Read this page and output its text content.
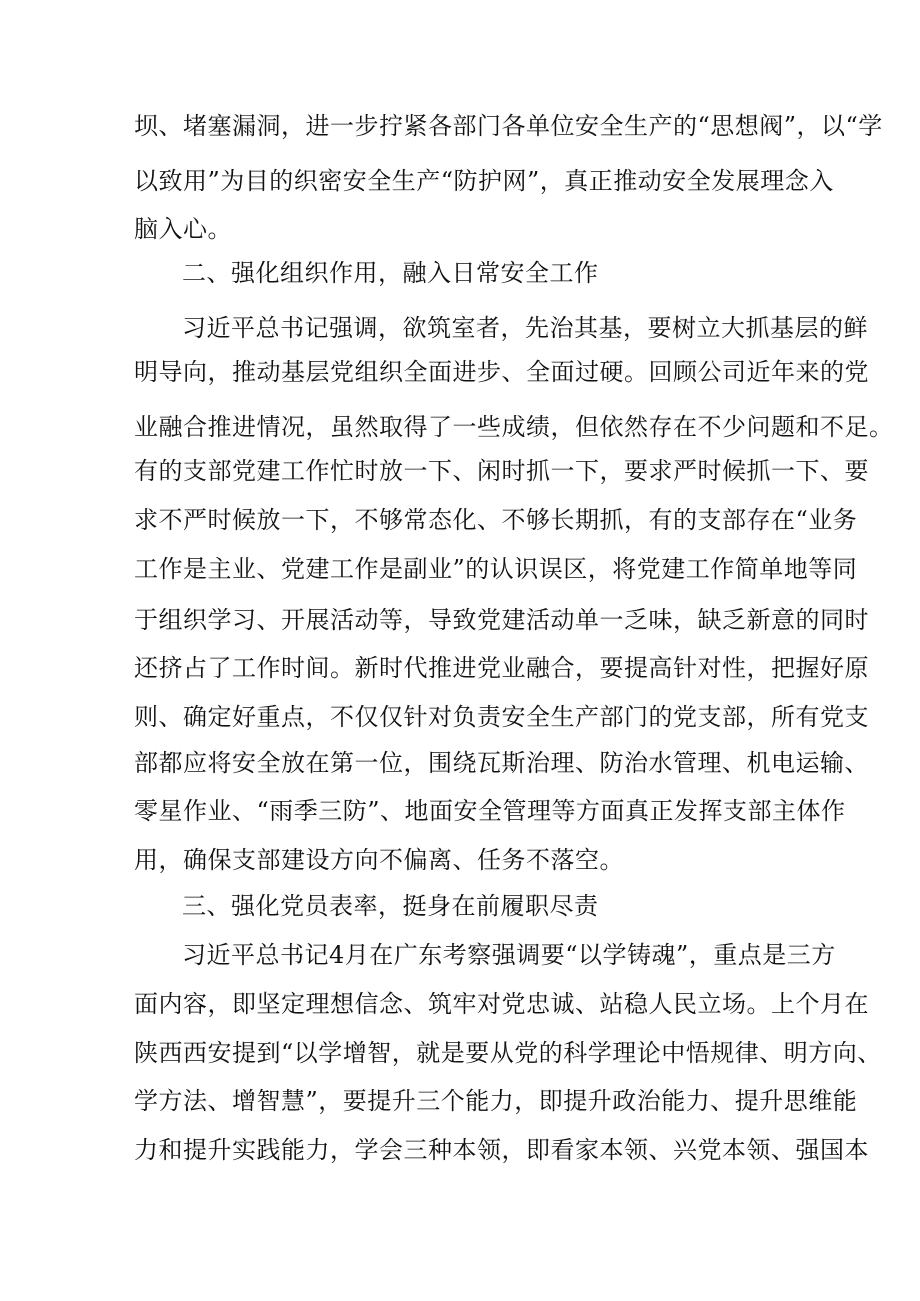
坝、堵塞漏洞，进一步拧紧各部门各单位安全生产的“思想阀”，以“学
以致用”为目的织密安全生产“防护网”，真正推动安全发展理念入
脑入心。
二、强化组织作用，融入日常安全工作
习近平总书记强调，欲筑室者，先治其基，要树立大抓基层的鲜
明导向，推动基层党组织全面进步、全面过硬。回顾公司近年来的党
业融合推进情况，虽然取得了一些成绩，但依然存在不少问题和不足。
有的支部党建工作忙时放一下、闲时抓一下，要求严时候抓一下、要
求不严时候放一下，不够常态化、不够长期抓，有的支部存在“业务
工作是主业、党建工作是副业”的认识误区，将党建工作简单地等同
于组织学习、开展活动等，导致党建活动单一乏味，缺乏新意的同时
还挤占了工作时间。新时代推进党业融合，要提高针对性，把握好原
则、确定好重点，不仅仅针对负责安全生产部门的党支部，所有党支
部都应将安全放在第一位，围绕瓦斯治理、防治水管理、机电运输、
零星作业、“雨季三防”、地面安全管理等方面真正发挥支部主体作
用，确保支部建设方向不偏离、任务不落空。
三、强化党员表率，挺身在前履职尽责
习近平总书记4月在广东考察强调要“以学铸魂”，重点是三方
面内容，即坚定理想信念、筑牢对党忠诚、站稳人民立场。上个月在
陕西西安提到“以学增智，就是要从党的科学理论中悟规律、明方向、
学方法、增智慧”，要提升三个能力，即提升政治能力、提升思维能
力和提升实践能力，学会三种本领，即看家本领、兴党本领、强国本
